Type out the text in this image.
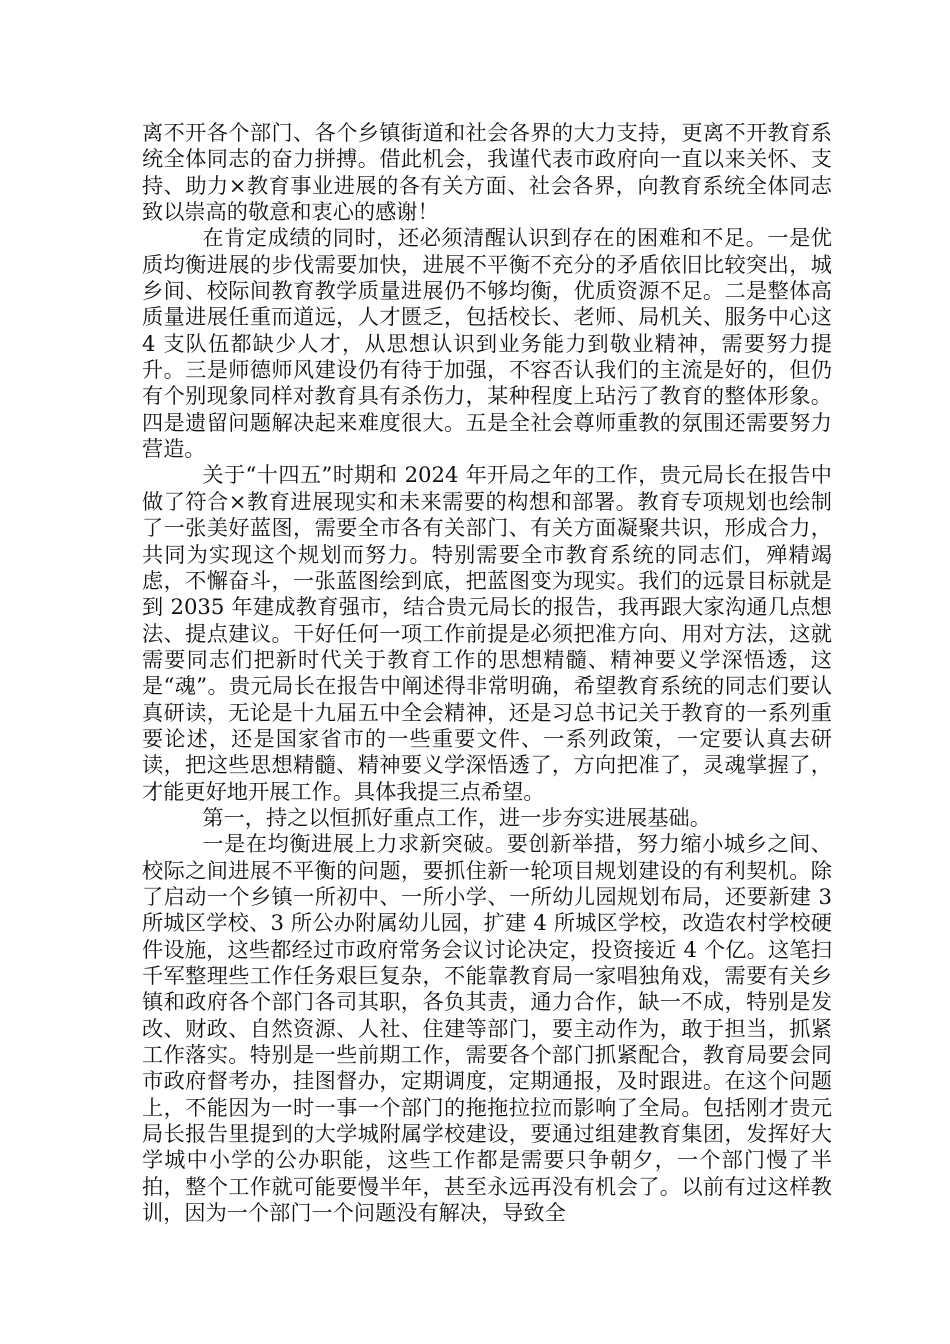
离不开各个部门、各个乡镇街道和社会各界的大力支持，更离不开教育系统全体同志的奋力拼搏。借此机会，我谨代表市政府向一直以来关怀、支持、助力×教育事业进展的各有关方面、社会各界，向教育系统全体同志致以崇高的敬意和衷心的感谢！

在肯定成绩的同时，还必须清醒认识到存在的困难和不足。一是优质均衡进展的步伐需要加快，进展不平衡不充分的矛盾依旧比较突出，城乡间、校际间教育教学质量进展仍不够均衡，优质资源不足。二是整体高质量进展任重而道远，人才匮乏，包括校长、老师、局机关、服务中心这 4 支队伍都缺少人才，从思想认识到业务能力到敬业精神，需要努力提升。三是师德师风建设仍有待于加强，不容否认我们的主流是好的，但仍有个别现象同样对教育具有杀伤力，某种程度上玷污了教育的整体形象。四是遗留问题解决起来难度很大。五是全社会尊师重教的氛围还需要努力营造。

关于“十四五”时期和 2024 年开局之年的工作，贵元局长在报告中做了符合×教育进展现实和未来需要的构想和部署。教育专项规划也绘制了一张美好蓝图，需要全市各有关部门、有关方面凝聚共识，形成合力，共同为实现这个规划而努力。特别需要全市教育系统的同志们，殚精竭虑，不懈奋斗，一张蓝图绘到底，把蓝图变为现实。我们的远景目标就是到 2035 年建成教育强市，结合贵元局长的报告，我再跟大家沟通几点想法、提点建议。干好任何一项工作前提是必须把准方向、用对方法，这就需要同志们把新时代关于教育工作的思想精髓、精神要义学深悟透，这是“魂”。贵元局长在报告中阐述得非常明确，希望教育系统的同志们要认真研读，无论是十九届五中全会精神，还是习总书记关于教育的一系列重要论述，还是国家省市的一些重要文件、一系列政策，一定要认真去研读，把这些思想精髓、精神要义学深悟透了，方向把准了，灵魂掌握了，才能更好地开展工作。具体我提三点希望。

第一，持之以恒抓好重点工作，进一步夯实进展基础。

一是在均衡进展上力求新突破。要创新举措，努力缩小城乡之间、校际之间进展不平衡的问题，要抓住新一轮项目规划建设的有利契机。除了启动一个乡镇一所初中、一所小学、一所幼儿园规划布局，还要新建 3 所城区学校、3 所公办附属幼儿园，扩建 4 所城区学校，改造农村学校硬件设施，这些都经过市政府常务会议讨论决定，投资接近 4 个亿。这笔扫 千军整理些工作任务艰巨复杂，不能靠教育局一家唱独角戏，需要有关乡镇和政府各个部门各司其职，各负其责，通力合作，缺一不成，特别是发改、财政、自然资源、人社、住建等部门，要主动作为，敢于担当，抓紧工作落实。特别是一些前期工作，需要各个部门抓紧配合，教育局要会同市政府督考办，挂图督办，定期调度，定期通报，及时跟进。在这个问题上，不能因为一时一事一个部门的拖拖拉拉而影响了全局。包括刚才贵元局长报告里提到的大学城附属学校建设，要通过组建教育集团，发挥好大学城中小学的公办职能，这些工作都是需要只争朝夕，一个部门慢了半拍，整个工作就可能要慢半年，甚至永远再没有机会了。以前有过这样教训，因为一个部门一个问题没有解决，导致全
